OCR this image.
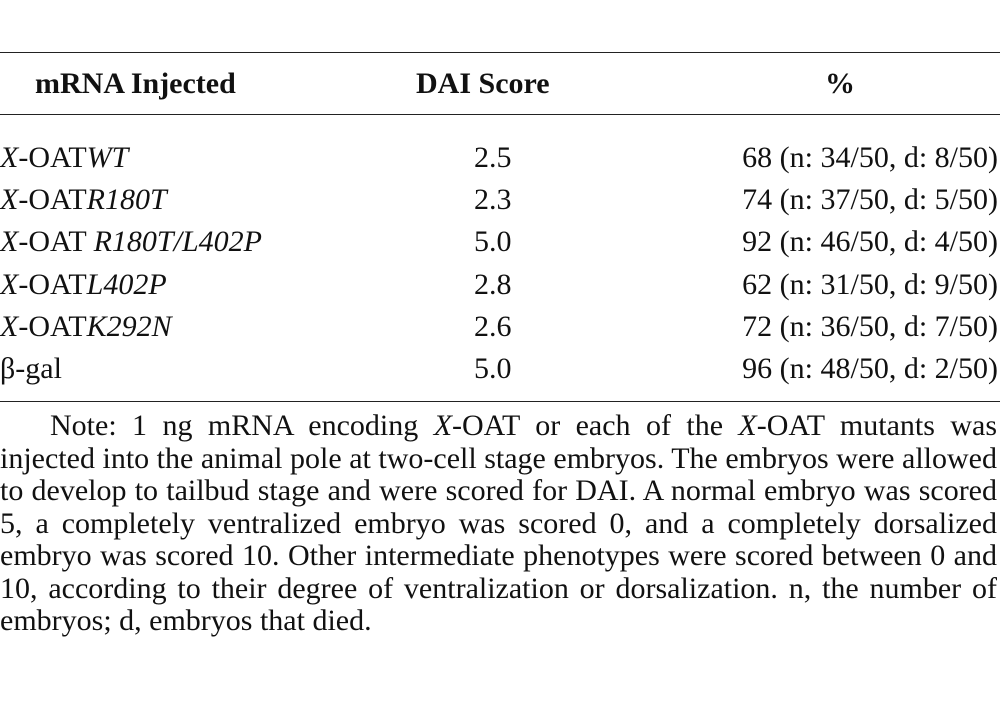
mRNA Injected	DAI Score	%
X-OATWT	2.5	68 (n: 34/50, d: 8/50)
X-OATR180T	2.3	74 (n: 37/50, d: 5/50)
X-OAT R180T/L402P	5.0	92 (n: 46/50, d: 4/50)
X-OATL402P	2.8	62 (n: 31/50, d: 9/50)
X-OATK292N	2.6	72 (n: 36/50, d: 7/50)
β-gal	5.0	96 (n: 48/50, d: 2/50)

Note: 1 ng mRNA encoding X-OAT or each of the X-OAT mutants was injected into the animal pole at two-cell stage embryos. The embryos were allowed to develop to tailbud stage and were scored for DAI. A normal embryo was scored 5, a completely ventralized embryo was scored 0, and a completely dorsalized embryo was scored 10. Other intermediate phenotypes were scored between 0 and 10, according to their degree of ventralization or dorsalization. n, the number of embryos; d, embryos that died.
